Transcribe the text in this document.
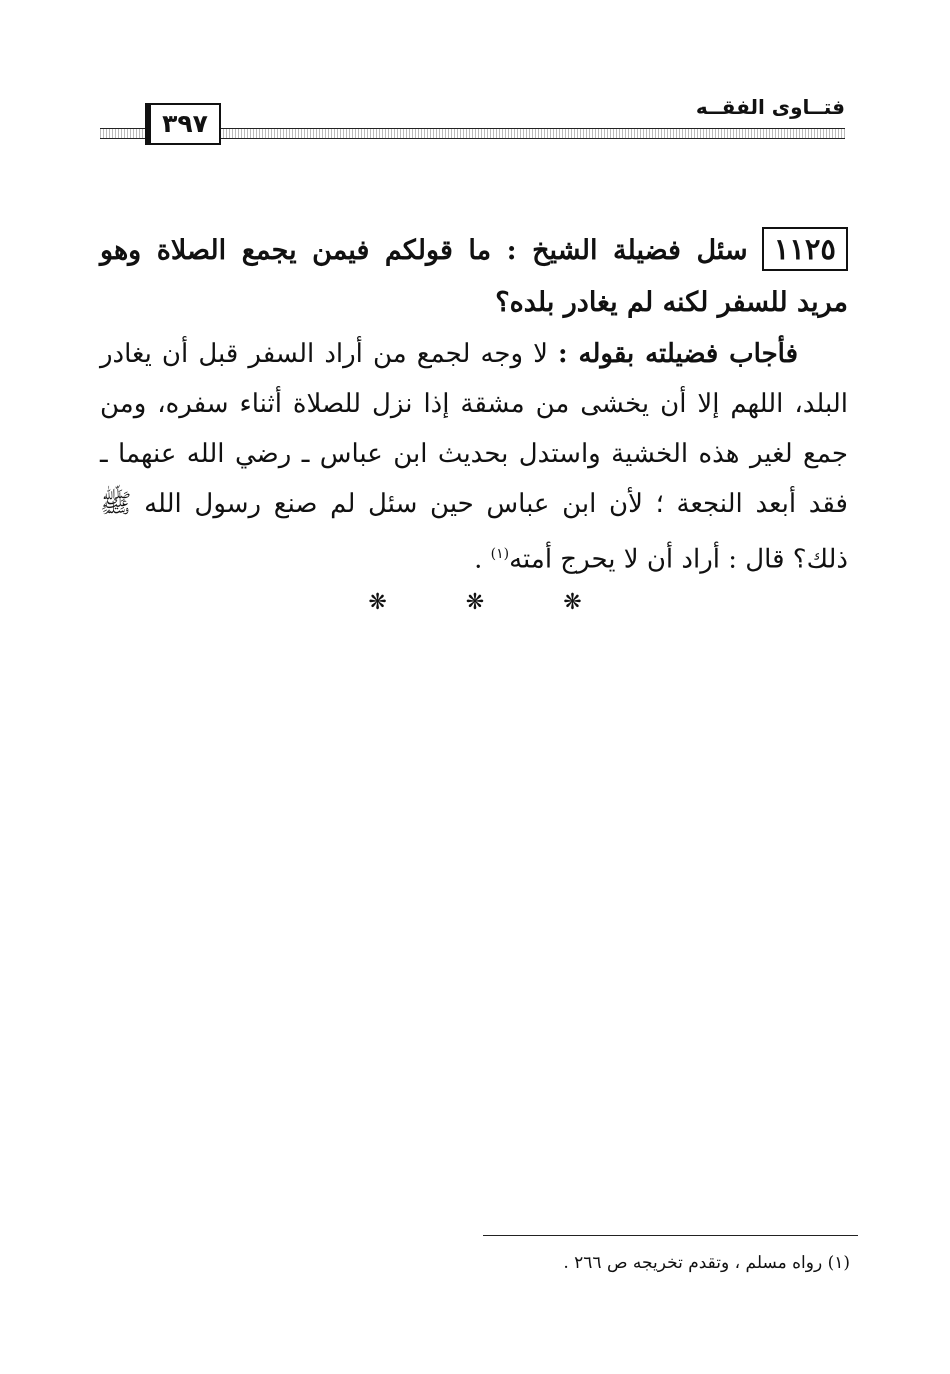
فتــاوى الفقــه
٣٩٧

١١٢٥سئل فضيلة الشيخ : ما قولكم فيمن يجمع الصلاة وهو مريد للسفر لكنه لم يغادر بلده؟

فأجاب فضيلته بقوله : لا وجه لجمع من أراد السفر قبل أن يغادر البلد، اللهم إلا أن يخشى من مشقة إذا نزل للصلاة أثناء سفره، ومن جمع لغير هذه الخشية واستدل بحديث ابن عباس ـ رضي الله عنهما ـ فقد أبعد النجعة ؛ لأن ابن عباس حين سئل لم صنع رسول الله ﷺ ذلك؟ قال : أراد أن لا يحرج أمته$^{(١)}$ .

❋ ❋ ❋
(١) رواه مسلم ، وتقدم تخريجه ص ٢٦٦ .
